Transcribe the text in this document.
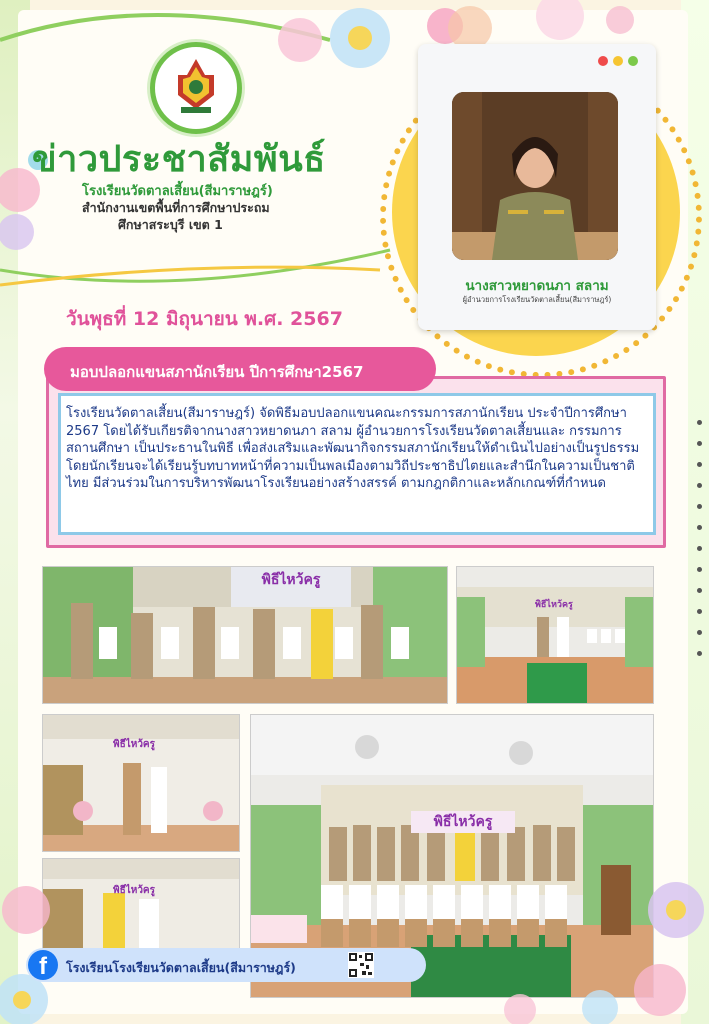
ข่าวประชาสัมพันธ์
โรงเรียนวัดตาลเสี้ยน(สีมาราษฎร์)
สำนักงานเขตพื้นที่การศึกษาประถม
ศึกษาสระบุรี เขต 1
วันพุธที่ 12 มิถุนายน พ.ศ. 2567
นางสาวหยาดนภา สลาม
ผู้อำนวยการโรงเรียนวัดตาลเสี้ยน(สีมาราษฎร์)
มอบปลอกแขนสภานักเรียน ปีการศึกษา2567

โรงเรียนวัดตาลเสี้ยน(สีมาราษฎร์) จัดพิธีมอบปลอกแขนคณะกรรมการสภานักเรียน ประจำปีการศึกษา 2567 โดยได้รับเกียรติจากนางสาวหยาดนภา สลาม ผู้อำนวยการโรงเรียนวัดตาลเสี้ยนและ กรรมการสถานศึกษา เป็นประธานในพิธี เพื่อส่งเสริมและพัฒนากิจกรรมสภานักเรียนให้ดำเนินไปอย่างเป็นรูปธรรม โดยนักเรียนจะได้เรียนรู้บทบาทหน้าที่ความเป็นพลเมืองตามวิถีประชาธิปไตยและสำนึกในความเป็นชาติไทย มีส่วนร่วมในการบริหารพัฒนาโรงเรียนอย่างสร้างสรรค์ ตามกฎกติกาและหลักเกณฑ์ที่กำหนด

พิธีไหว้ครู
พิธีไหว้ครู
พิธีไหว้ครู
พิธีไหว้ครู
พิธีไหว้ครู
f	โรงเรียนโรงเรียนวัดตาลเสี้ยน(สีมาราษฎร์)
